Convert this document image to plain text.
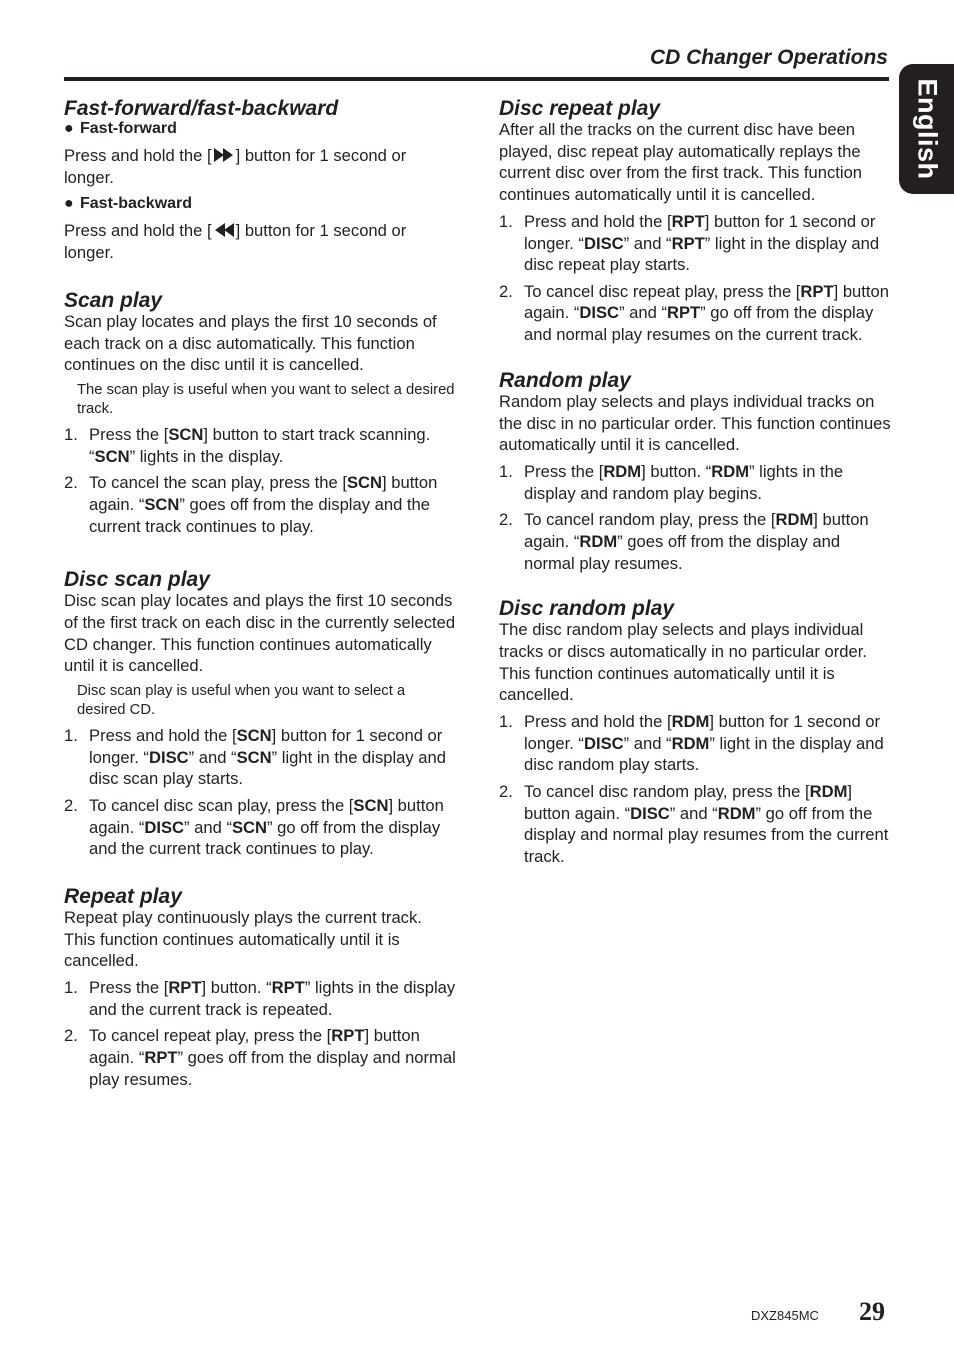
CD Changer Operations
English
Fast-forward/fast-backward
● Fast-forward

Press and hold the [ ] button for 1 second or longer.

● Fast-backward

Press and hold the [ ] button for 1 second or longer.

Scan play

Scan play locates and plays the first 10 seconds of each track on a disc automatically. This function continues on the disc until it is cancelled.

The scan play is useful when you want to select a desired track.

1. Press the [SCN] button to start track scanning. “SCN” lights in the display.
2. To cancel the scan play, press the [SCN] button again. “SCN” goes off from the display and the current track continues to play.
Disc scan play

Disc scan play locates and plays the first 10 seconds of the first track on each disc in the currently selected CD changer. This function continues automatically until it is cancelled.

Disc scan play is useful when you want to select a desired CD.

1. Press and hold the [SCN] button for 1 second or longer. “DISC” and “SCN” light in the display and disc scan play starts.
2. To cancel disc scan play, press the [SCN] button again. “DISC” and “SCN” go off from the display and the current track continues to play.
Repeat play

Repeat play continuously plays the current track. This function continues automatically until it is cancelled.

1. Press the [RPT] button. “RPT” lights in the display and the current track is repeated.
2. To cancel repeat play, press the [RPT] button again. “RPT” goes off from the display and normal play resumes.
Disc repeat play

After all the tracks on the current disc have been played, disc repeat play automatically replays the current disc over from the first track. This function continues automatically until it is cancelled.

1. Press and hold the [RPT] button for 1 second or longer. “DISC” and “RPT” light in the display and disc repeat play starts.
2. To cancel disc repeat play, press the [RPT] button again. “DISC” and “RPT” go off from the display and normal play resumes on the current track.
Random play

Random play selects and plays individual tracks on the disc in no particular order. This function continues automatically until it is cancelled.

1. Press the [RDM] button. “RDM” lights in the display and random play begins.
2. To cancel random play, press the [RDM] button again. “RDM” goes off from the display and normal play resumes.
Disc random play

The disc random play selects and plays individual tracks or discs automatically in no particular order. This function continues automatically until it is cancelled.

1. Press and hold the [RDM] button for 1 second or longer. “DISC” and “RDM” light in the display and disc random play starts.
2. To cancel disc random play, press the [RDM] button again. “DISC” and “RDM” go off from the display and normal play resumes from the current track.
DXZ845MC 29
